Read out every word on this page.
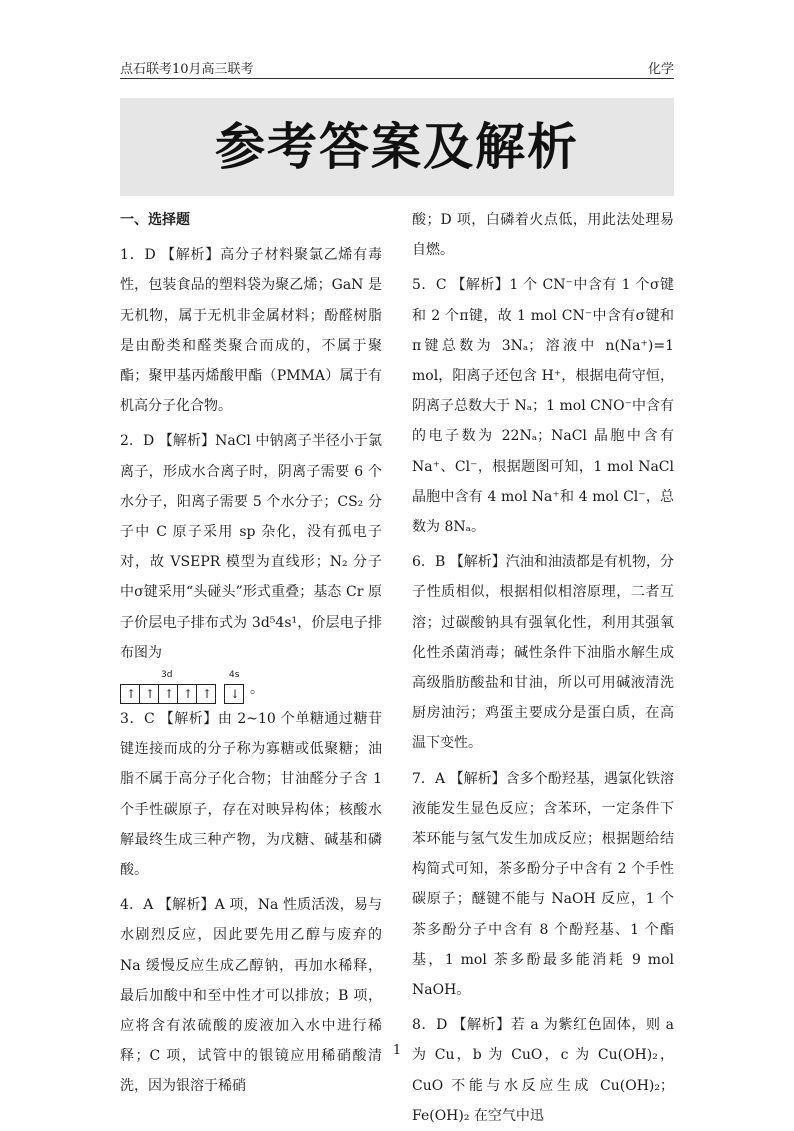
点石联考10月高三联考	化学
参考答案及解析
一、选择题

1．D 【解析】高分子材料聚氯乙烯有毒性，包装食品的塑料袋为聚乙烯；GaN 是无机物，属于无机非金属材料；酚醛树脂是由酚类和醛类聚合而成的，不属于聚酯；聚甲基丙烯酸甲酯（PMMA）属于有机高分子化合物。

2．D 【解析】NaCl 中钠离子半径小于氯离子，形成水合离子时，阴离子需要 6 个水分子，阳离子需要 5 个水分子；CS₂ 分子中 C 原子采用 sp 杂化，没有孤电子对，故 VSEPR 模型为直线形；N₂ 分子中σ键采用“头碰头”形式重叠；基态 Cr 原子价层电子排布式为 3d⁵4s¹，价层电子排布图为

3d
↑ ↑ ↑ ↑ ↑
4s
↓ 。

3．C 【解析】由 2~10 个单糖通过糖苷键连接而成的分子称为寡糖或低聚糖；油脂不属于高分子化合物；甘油醛分子含 1 个手性碳原子，存在对映异构体；核酸水解最终生成三种产物，为戊糖、碱基和磷酸。

4．A 【解析】A 项，Na 性质活泼，易与水剧烈反应，因此要先用乙醇与废弃的 Na 缓慢反应生成乙醇钠，再加水稀释，最后加酸中和至中性才可以排放；B 项，应将含有浓硫酸的废液加入水中进行稀释；C 项，试管中的银镜应用稀硝酸清洗，因为银溶于稀硝

酸；D 项，白磷着火点低，用此法处理易自燃。

5．C 【解析】1 个 CN⁻中含有 1 个σ键和 2 个π键，故 1 mol CN⁻中含有σ键和π键总数为 3Nₐ；溶液中 n(Na⁺)=1 mol，阳离子还包含 H⁺，根据电荷守恒，阴离子总数大于 Nₐ；1 mol CNO⁻中含有的电子数为 22Nₐ；NaCl 晶胞中含有 Na⁺、Cl⁻，根据题图可知，1 mol NaCl 晶胞中含有 4 mol Na⁺和 4 mol Cl⁻，总数为 8Nₐ。

6．B 【解析】汽油和油渍都是有机物，分子性质相似，根据相似相溶原理，二者互溶；过碳酸钠具有强氧化性，利用其强氧化性杀菌消毒；碱性条件下油脂水解生成高级脂肪酸盐和甘油，所以可用碱液清洗厨房油污；鸡蛋主要成分是蛋白质，在高温下变性。

7．A 【解析】含多个酚羟基，遇氯化铁溶液能发生显色反应；含苯环，一定条件下苯环能与氢气发生加成反应；根据题给结构简式可知，茶多酚分子中含有 2 个手性碳原子；醚键不能与 NaOH 反应，1 个茶多酚分子中含有 8 个酚羟基、1 个酯基，1 mol 茶多酚最多能消耗 9 mol NaOH。

8．D 【解析】若 a 为紫红色固体，则 a 为 Cu，b 为 CuO，c 为 Cu(OH)₂，CuO 不能与水反应生成 Cu(OH)₂；Fe(OH)₂ 在空气中迅

1
